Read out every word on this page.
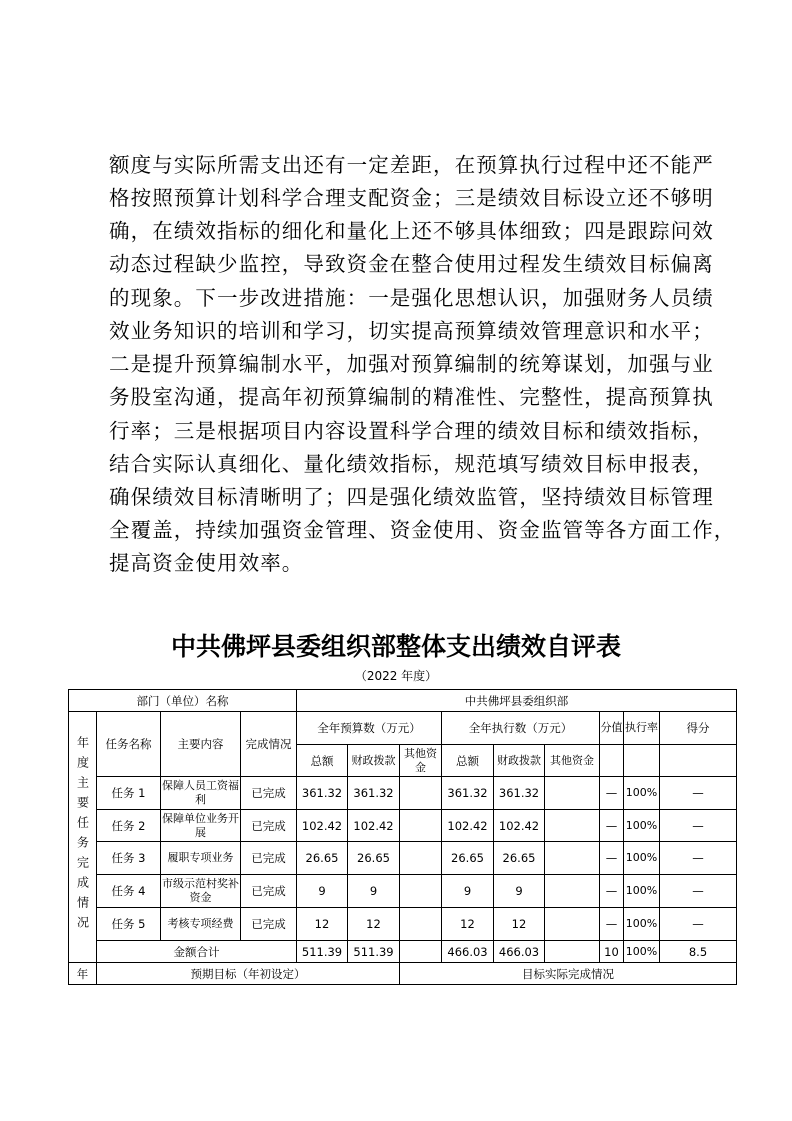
额度与实际所需支出还有一定差距，在预算执行过程中还不能严
格按照预算计划科学合理支配资金；三是绩效目标设立还不够明
确，在绩效指标的细化和量化上还不够具体细致；四是跟踪问效
动态过程缺少监控，导致资金在整合使用过程发生绩效目标偏离
的现象。下一步改进措施：一是强化思想认识，加强财务人员绩
效业务知识的培训和学习，切实提高预算绩效管理意识和水平；
二是提升预算编制水平，加强对预算编制的统筹谋划，加强与业
务股室沟通，提高年初预算编制的精准性、完整性，提高预算执
行率；三是根据项目内容设置科学合理的绩效目标和绩效指标，
结合实际认真细化、量化绩效指标，规范填写绩效目标申报表，
确保绩效目标清晰明了；四是强化绩效监管，坚持绩效目标管理
全覆盖，持续加强资金管理、资金使用、资金监管等各方面工作，
提高资金使用效率。
中共佛坪县委组织部整体支出绩效自评表
（2022 年度）
部门（单位）名称				中共佛坪县委组织部								
年度主要任务完成情况	任务名称	主要内容	完成情况	全年预算数（万元）			全年执行数（万元）			分值	执行率	得分
				总额	财政拨款	其他资金	总额	财政拨款	其他资金			
	任务 1	保障人员工资福利	已完成	361.32	361.32		361.32	361.32		—	100%	—
	任务 2	保障单位业务开展	已完成	102.42	102.42		102.42	102.42		—	100%	—
	任务 3	履职专项业务	已完成	26.65	26.65		26.65	26.65		—	100%	—
	任务 4	市级示范村奖补资金	已完成	9	9		9	9		—	100%	—
	任务 5	考核专项经费	已完成	12	12		12	12		—	100%	—
	金额合计			511.39	511.39		466.03	466.03		10	100%	8.5
年	预期目标（年初设定）					目标实际完成情况						
